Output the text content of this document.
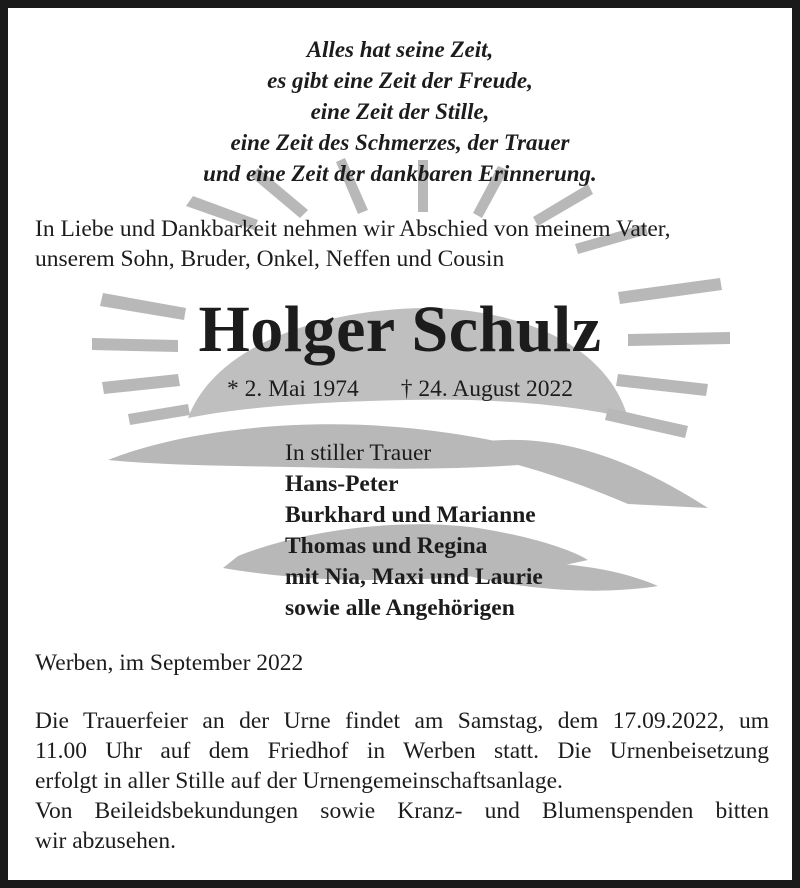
Alles hat seine Zeit,
es gibt eine Zeit der Freude,
eine Zeit der Stille,
eine Zeit des Schmerzes, der Trauer
und eine Zeit der dankbaren Erinnerung.
In Liebe und Dankbarkeit nehmen wir Abschied von meinem Vater,
unserem Sohn, Bruder, Onkel, Neffen und Cousin
Holger Schulz
* 2. Mai 1974 † 24. August 2022
In stiller Trauer
Hans-Peter
Burkhard und Marianne
Thomas und Regina
mit Nia, Maxi und Laurie
sowie alle Angehörigen
Werben, im September 2022
Die Trauerfeier an der Urne findet am Samstag, dem 17.09.2022, um
11.00 Uhr auf dem Friedhof in Werben statt. Die Urnenbeisetzung
erfolgt in aller Stille auf der Urnengemeinschaftsanlage.
Von Beileidsbekundungen sowie Kranz- und Blumenspenden bitten
wir abzusehen.
